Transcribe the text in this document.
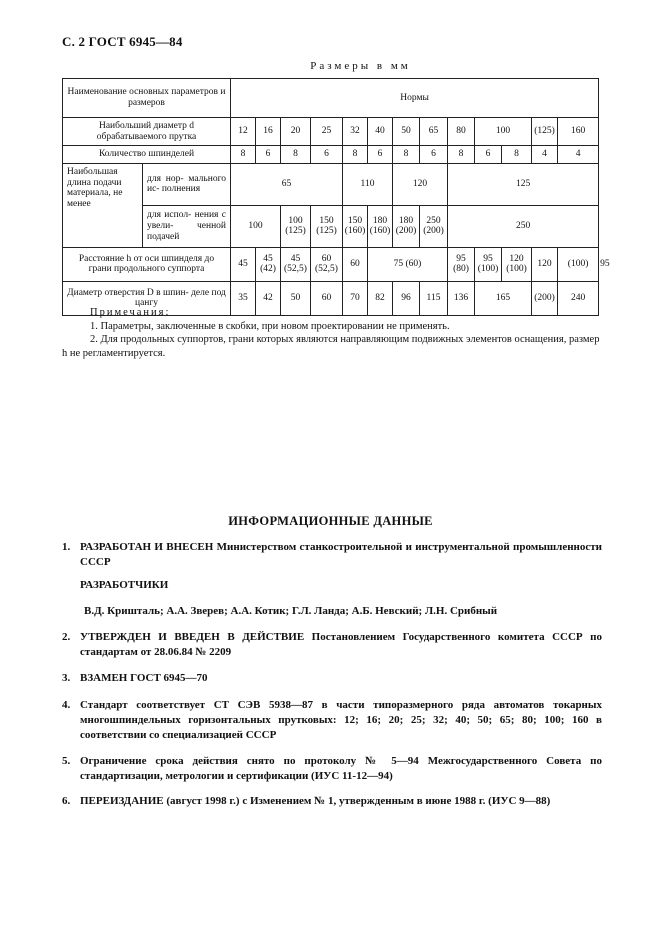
С. 2 ГОСТ 6945—84
Размеры в мм
Наименование основных параметров и размеров		Нормы													
Наибольший диаметр d обрабатываемого прутка		12	16	20	25	32	40	50	65	80	100		(125)	160	
Количество шпинделей		8	6	8	6	8	6	8	6	8	6	8	4	4	
Наибольшая длина подачи материала, не менее	для нор- мального ис- полнения	65				110		120		125					
	для испол- нения с увели- ченной подачей	100		100 (125)	150 (125)	150 (160)	180 (160)	180 (200)	250 (200)	250					
Расстояние h от оси шпинделя до грани продольного суппорта		45	45 (42)	45 (52,5)	60 (52,5)	60	75 (60)			95 (80)	95 (100)	120 (100)	120	(100)	95
Диаметр отверстия D в шпин- деле под цангу		35	42	50	60	70	82	96	115	136	165		(200)	240	
Примечания:
1. Параметры, заключенные в скобки, при новом проектировании не применять.
2. Для продольных суппортов, грани которых являются направляющим подвижных элементов оснащения, размер h не регламентируется.
ИНФОРМАЦИОННЫЕ ДАННЫЕ
1. РАЗРАБОТАН И ВНЕСЕН Министерством станкостроительной и инструментальной промышленности СССР
РАЗРАБОТЧИКИ
В.Д. Кришталь; А.А. Зверев; А.А. Котик; Г.Л. Ланда; А.Б. Невский; Л.Н. Срибный
2. УТВЕРЖДЕН И ВВЕДЕН В ДЕЙСТВИЕ Постановлением Государственного комитета СССР по стандартам от 28.06.84 № 2209
3. ВЗАМЕН ГОСТ 6945—70
4. Стандарт соответствует СТ СЭВ 5938—87 в части типоразмерного ряда автоматов токарных многошпиндельных горизонтальных прутковых: 12; 16; 20; 25; 32; 40; 50; 65; 80; 100; 160 в соответствии со специализацией СССР
5. Ограничение срока действия снято по протоколу № 5—94 Межгосударственного Совета по стандартизации, метрологии и сертификации (ИУС 11-12—94)
6. ПЕРЕИЗДАНИЕ (август 1998 г.) с Изменением № 1, утвержденным в июне 1988 г. (ИУС 9—88)
